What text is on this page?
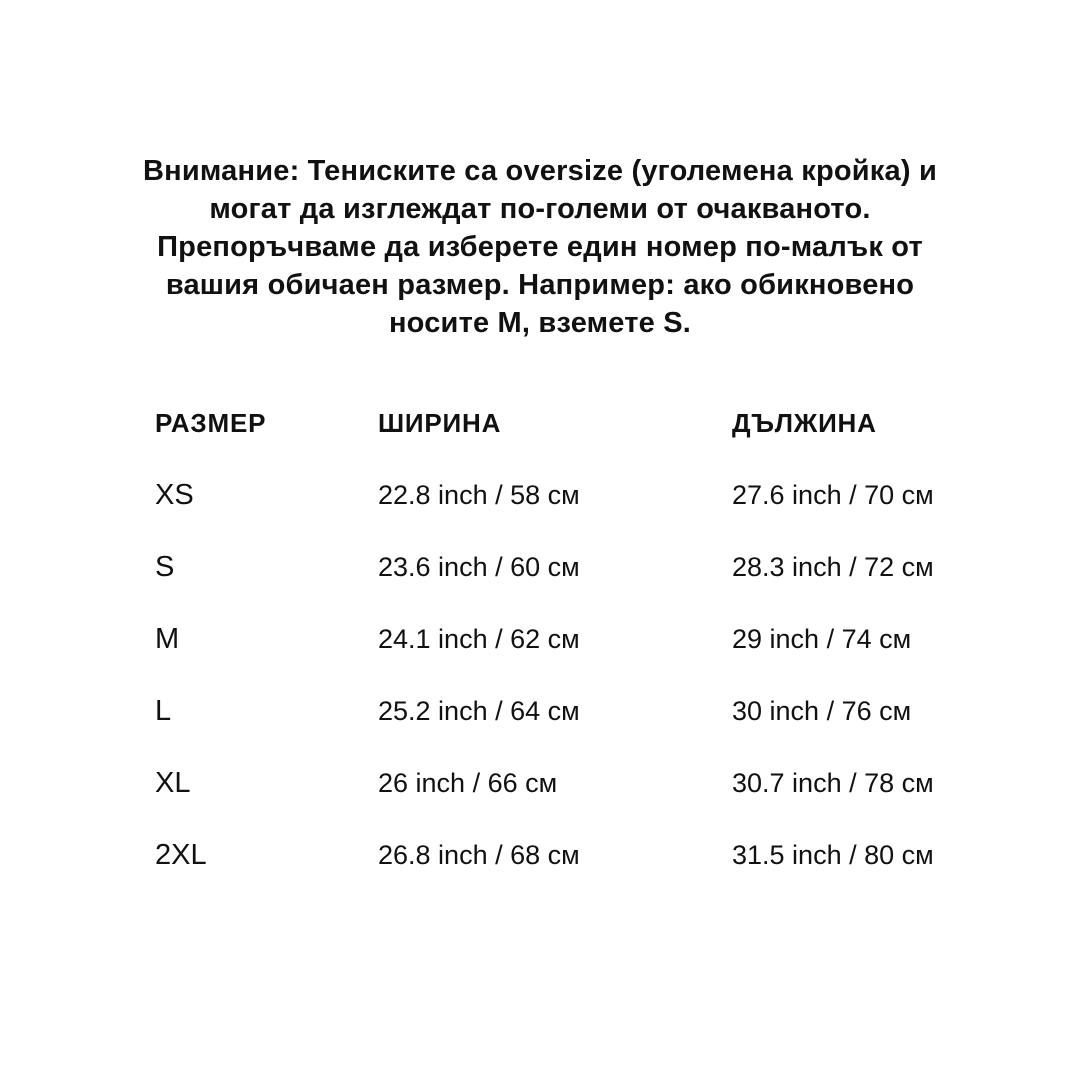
Внимание: Тениските са oversize (уголемена кройка) и могат да изглеждат по-големи от очакваното. Препоръчваме да изберете един номер по-малък от вашия обичаен размер. Например: ако обикновено носите M, вземете S.
РАЗМЕР	ШИРИНА	ДЪЛЖИНА
XS	22.8 inch / 58 см	27.6 inch / 70 см
S	23.6 inch / 60 см	28.3 inch / 72 см
M	24.1 inch / 62 см	29 inch / 74 см
L	25.2 inch / 64 см	30 inch / 76 см
XL	26 inch / 66 см	30.7 inch / 78 см
2XL	26.8 inch / 68 см	31.5 inch / 80 см
